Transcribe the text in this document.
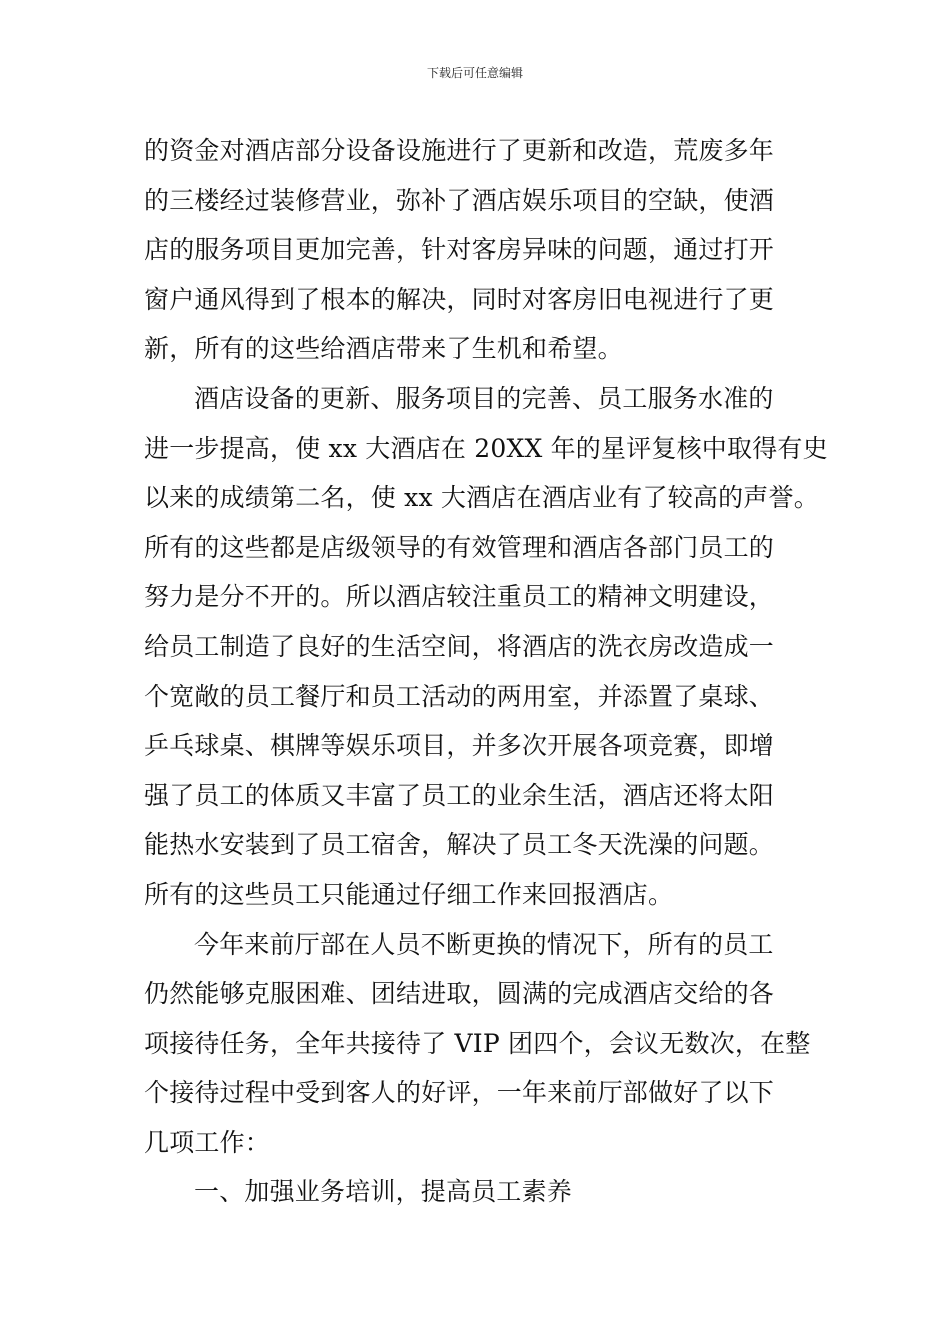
下载后可任意编辑
的资金对酒店部分设备设施进行了更新和改造，荒废多年
的三楼经过装修营业，弥补了酒店娱乐项目的空缺，使酒
店的服务项目更加完善，针对客房异味的问题，通过打开
窗户通风得到了根本的解决，同时对客房旧电视进行了更
新，所有的这些给酒店带来了生机和希望。
酒店设备的更新、服务项目的完善、员工服务水准的
进一步提高，使 xx 大酒店在 20XX 年的星评复核中取得有史
以来的成绩第二名，使 xx 大酒店在酒店业有了较高的声誉。
所有的这些都是店级领导的有效管理和酒店各部门员工的
努力是分不开的。所以酒店较注重员工的精神文明建设，
给员工制造了良好的生活空间，将酒店的洗衣房改造成一
个宽敞的员工餐厅和员工活动的两用室，并添置了桌球、
乒乓球桌、棋牌等娱乐项目，并多次开展各项竞赛，即增
强了员工的体质又丰富了员工的业余生活，酒店还将太阳
能热水安装到了员工宿舍，解决了员工冬天洗澡的问题。
所有的这些员工只能通过仔细工作来回报酒店。
今年来前厅部在人员不断更换的情况下，所有的员工
仍然能够克服困难、团结进取，圆满的完成酒店交给的各
项接待任务，全年共接待了 VIP 团四个，会议无数次，在整
个接待过程中受到客人的好评，一年来前厅部做好了以下
几项工作：
一、加强业务培训，提高员工素养
